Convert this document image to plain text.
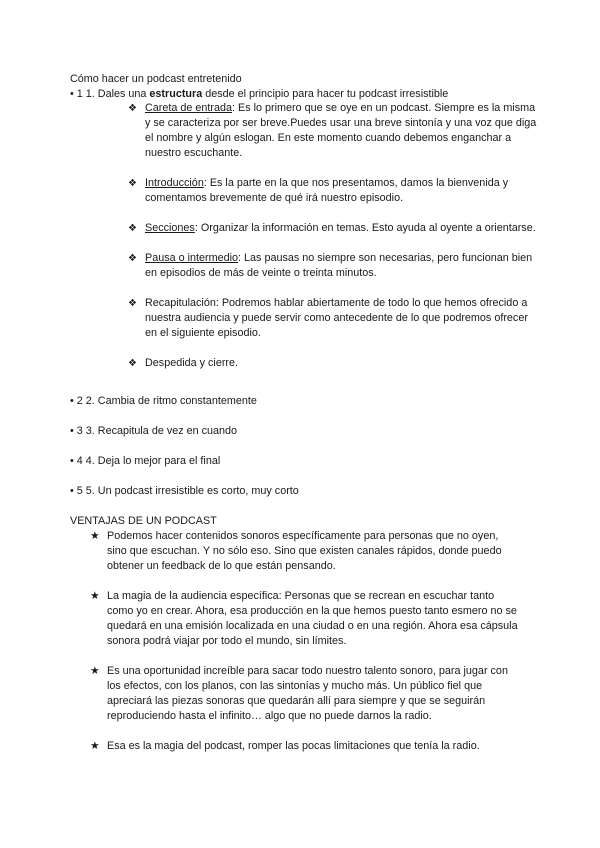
Cómo hacer un podcast entretenido
• 1 1. Dales una estructura desde el principio para hacer tu podcast irresistible
❖ Careta de entrada: Es lo primero que se oye en un podcast. Siempre es la misma y se caracteriza por ser breve.Puedes usar una breve sintonía y una voz que diga el nombre y algún eslogan. En este momento cuando debemos enganchar a nuestro escuchante.
❖ Introducción: Es la parte en la que nos presentamos, damos la bienvenida y comentamos brevemente de qué irá nuestro episodio.
❖ Secciones: Organizar la información en temas. Esto ayuda al oyente a orientarse.
❖ Pausa o intermedio: Las pausas no siempre son necesarias, pero funcionan bien en episodios de más de veinte o treinta minutos.
❖ Recapitulación: Podremos hablar abiertamente de todo lo que hemos ofrecido a nuestra audiencia y puede servir como antecedente de lo que podremos ofrecer en el siguiente episodio.
❖ Despedida y cierre.
• 2 2. Cambia de ritmo constantemente
• 3 3. Recapitula de vez en cuando
• 4 4. Deja lo mejor para el final
• 5 5. Un podcast irresistible es corto, muy corto
VENTAJAS DE UN PODCAST
★ Podemos hacer contenidos sonoros específicamente para personas que no oyen, sino que escuchan. Y no sólo eso. Sino que existen canales rápidos, donde puedo obtener un feedback de lo que están pensando.
★ La magia de la audiencia específica: Personas que se recrean en escuchar tanto como yo en crear. Ahora, esa producción en la que hemos puesto tanto esmero no se quedará en una emisión localizada en una ciudad o en una región. Ahora esa cápsula sonora podrá viajar por todo el mundo, sin límites.
★ Es una oportunidad increíble para sacar todo nuestro talento sonoro, para jugar con los efectos, con los planos, con las sintonías y mucho más. Un público fiel que apreciará las piezas sonoras que quedarán allí para siempre y que se seguirán reproduciendo hasta el infinito… algo que no puede darnos la radio.
★ Esa es la magia del podcast, romper las pocas limitaciones que tenía la radio.
